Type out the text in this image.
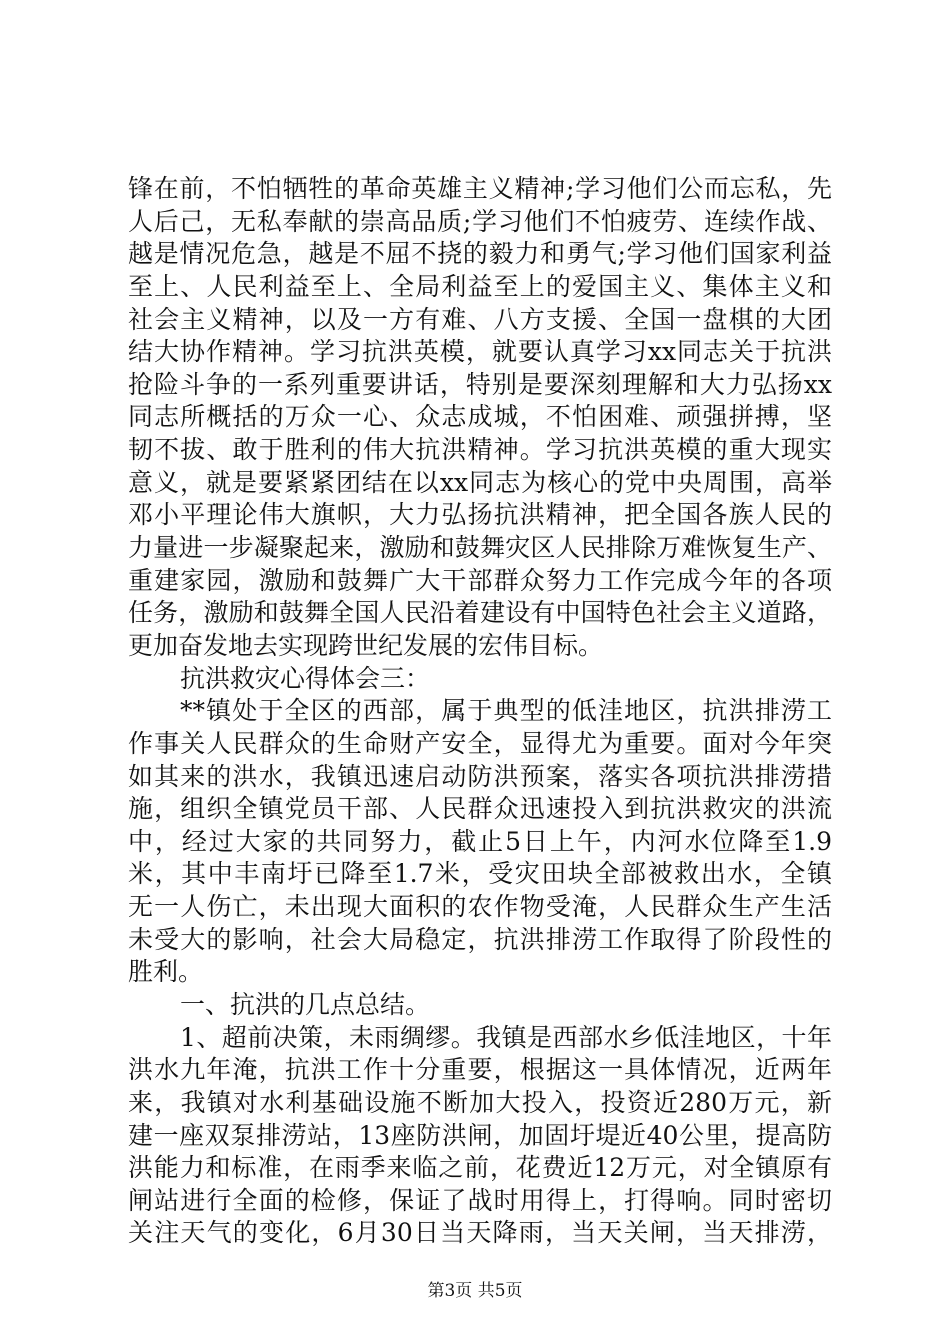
锋在前，不怕牺牲的革命英雄主义精神;学习他们公而忘私，先
人后己，无私奉献的崇高品质;学习他们不怕疲劳、连续作战、
越是情况危急，越是不屈不挠的毅力和勇气;学习他们国家利益
至上、人民利益至上、全局利益至上的爱国主义、集体主义和
社会主义精神，以及一方有难、八方支援、全国一盘棋的大团
结大协作精神。学习抗洪英模，就要认真学习xx同志关于抗洪
抢险斗争的一系列重要讲话，特别是要深刻理解和大力弘扬xx
同志所概括的万众一心、众志成城，不怕困难、顽强拼搏，坚
韧不拔、敢于胜利的伟大抗洪精神。学习抗洪英模的重大现实
意义，就是要紧紧团结在以xx同志为核心的党中央周围，高举
邓小平理论伟大旗帜，大力弘扬抗洪精神，把全国各族人民的
力量进一步凝聚起来，激励和鼓舞灾区人民排除万难恢复生产、
重建家园，激励和鼓舞广大干部群众努力工作完成今年的各项
任务，激励和鼓舞全国人民沿着建设有中国特色社会主义道路，
更加奋发地去实现跨世纪发展的宏伟目标。
抗洪救灾心得体会三：
**镇处于全区的西部，属于典型的低洼地区，抗洪排涝工
作事关人民群众的生命财产安全，显得尤为重要。面对今年突
如其来的洪水，我镇迅速启动防洪预案，落实各项抗洪排涝措
施，组织全镇党员干部、人民群众迅速投入到抗洪救灾的洪流
中，经过大家的共同努力，截止5日上午，内河水位降至1.9
米，其中丰南圩已降至1.7米，受灾田块全部被救出水，全镇
无一人伤亡，未出现大面积的农作物受淹，人民群众生产生活
未受大的影响，社会大局稳定，抗洪排涝工作取得了阶段性的
胜利。
一、抗洪的几点总结。
1、超前决策，未雨绸缪。我镇是西部水乡低洼地区，十年
洪水九年淹，抗洪工作十分重要，根据这一具体情况，近两年
来，我镇对水利基础设施不断加大投入，投资近280万元，新
建一座双泵排涝站，13座防洪闸，加固圩堤近40公里，提高防
洪能力和标准，在雨季来临之前，花费近12万元，对全镇原有
闸站进行全面的检修，保证了战时用得上，打得响。同时密切
关注天气的变化，6月30日当天降雨，当天关闸，当天排涝，
第3页 共5页
